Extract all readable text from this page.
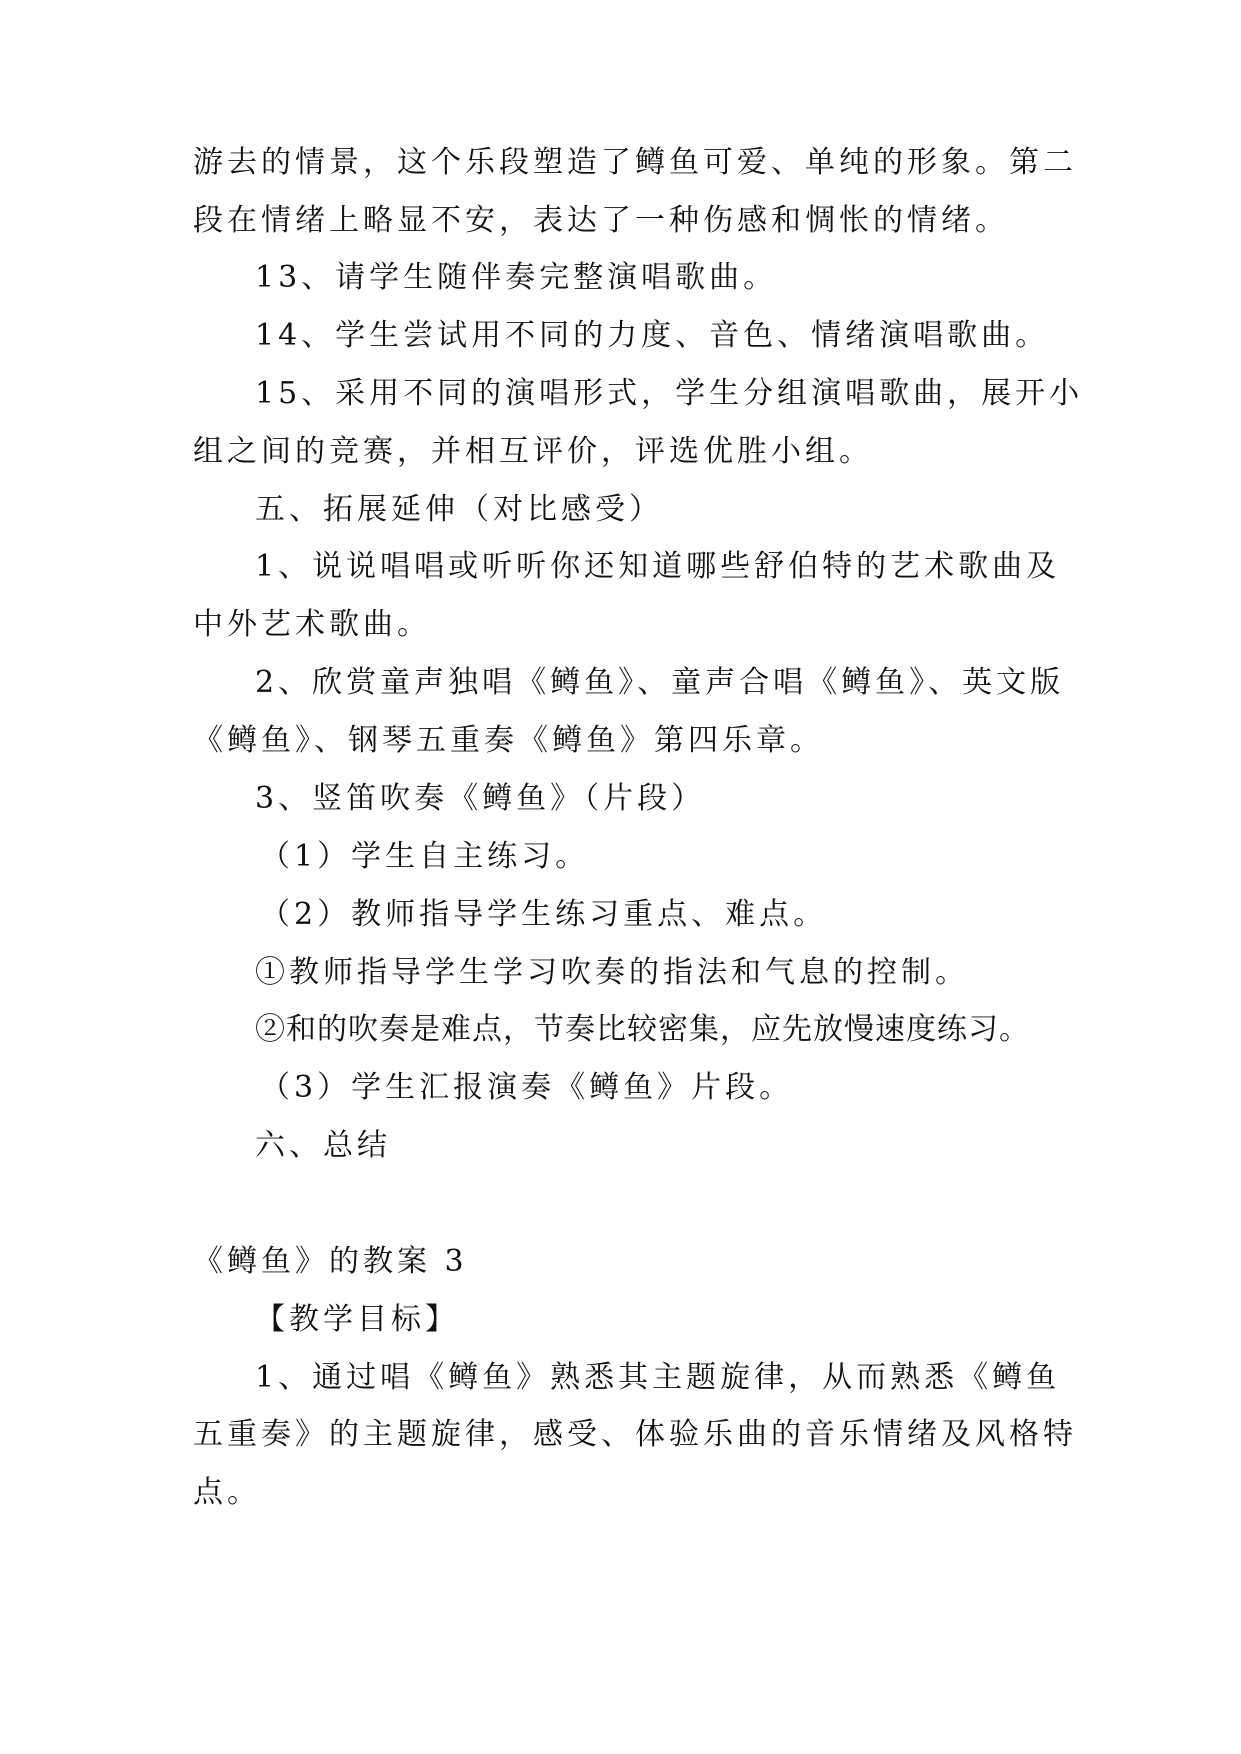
游去的情景，这个乐段塑造了鳟鱼可爱、单纯的形象。第二
段在情绪上略显不安，表达了一种伤感和惆怅的情绪。
13、请学生随伴奏完整演唱歌曲。
14、学生尝试用不同的力度、音色、情绪演唱歌曲。
15、采用不同的演唱形式，学生分组演唱歌曲，展开小
组之间的竞赛，并相互评价，评选优胜小组。
五、拓展延伸（对比感受）
1、说说唱唱或听听你还知道哪些舒伯特的艺术歌曲及
中外艺术歌曲。
2、欣赏童声独唱《鳟鱼》、童声合唱《鳟鱼》、英文版
《鳟鱼》、钢琴五重奏《鳟鱼》第四乐章。
3、竖笛吹奏《鳟鱼》（片段）
（1）学生自主练习。
（2）教师指导学生练习重点、难点。
①教师指导学生学习吹奏的指法和气息的控制。
②和的吹奏是难点，节奏比较密集，应先放慢速度练习。
（3）学生汇报演奏《鳟鱼》片段。
六、总结
《鳟鱼》的教案 3
【教学目标】
1、通过唱《鳟鱼》熟悉其主题旋律，从而熟悉《鳟鱼
五重奏》的主题旋律，感受、体验乐曲的音乐情绪及风格特
点。
